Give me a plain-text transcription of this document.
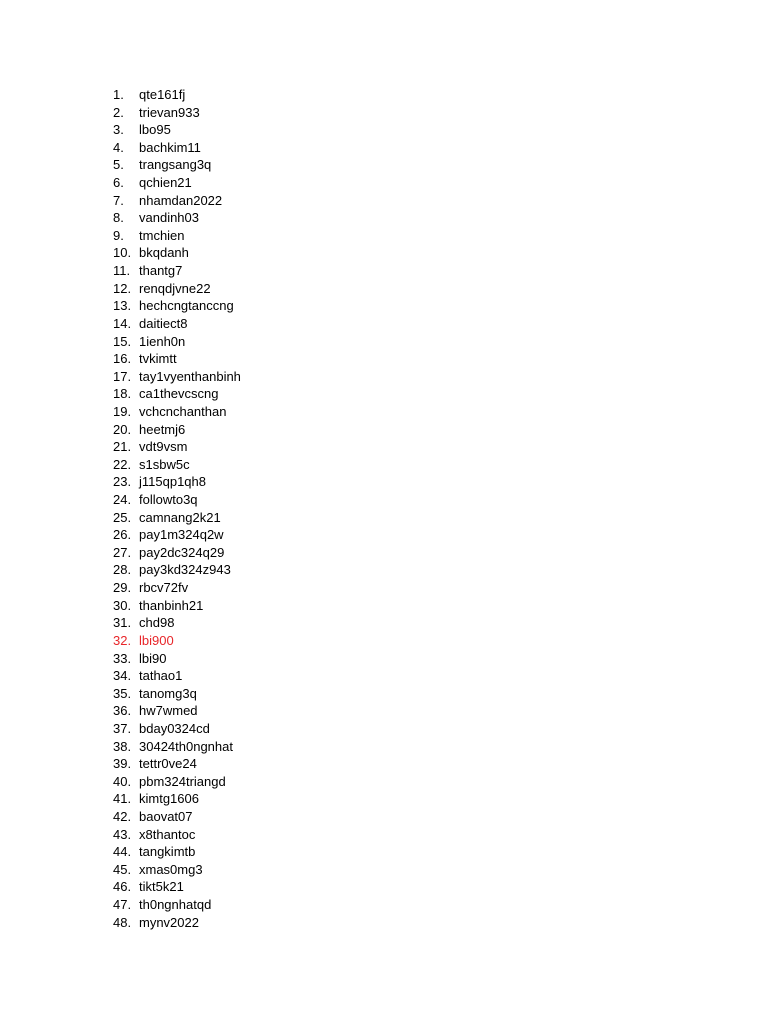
1.	qte161fj
2.	trievan933
3.	lbo95
4.	bachkim11
5.	trangsang3q
6.	qchien21
7.	nhamdan2022
8.	vandinh03
9.	tmchien
10. bkqdanh
11. thantg7
12. renqdjvne22
13. hechcngtanccng
14. daitiect8
15. 1ienh0n
16. tvkimtt
17. tay1vyenthanbinh
18. ca1thevcscng
19. vchcnchanthan
20. heetmj6
21. vdt9vsm
22. s1sbw5c
23. j115qp1qh8
24. followto3q
25. camnang2k21
26. pay1m324q2w
27. pay2dc324q29
28. pay3kd324z943
29. rbcv72fv
30. thanbinh21
31. chd98
32. lbi900
33. lbi90
34. tathao1
35. tanomg3q
36. hw7wmed
37. bday0324cd
38. 30424th0ngnhat
39. tettr0ve24
40. pbm324triangd
41. kimtg1606
42. baovat07
43. x8thantoc
44. tangkimtb
45. xmas0mg3
46. tikt5k21
47. th0ngnhatqd
48. mynv2022
